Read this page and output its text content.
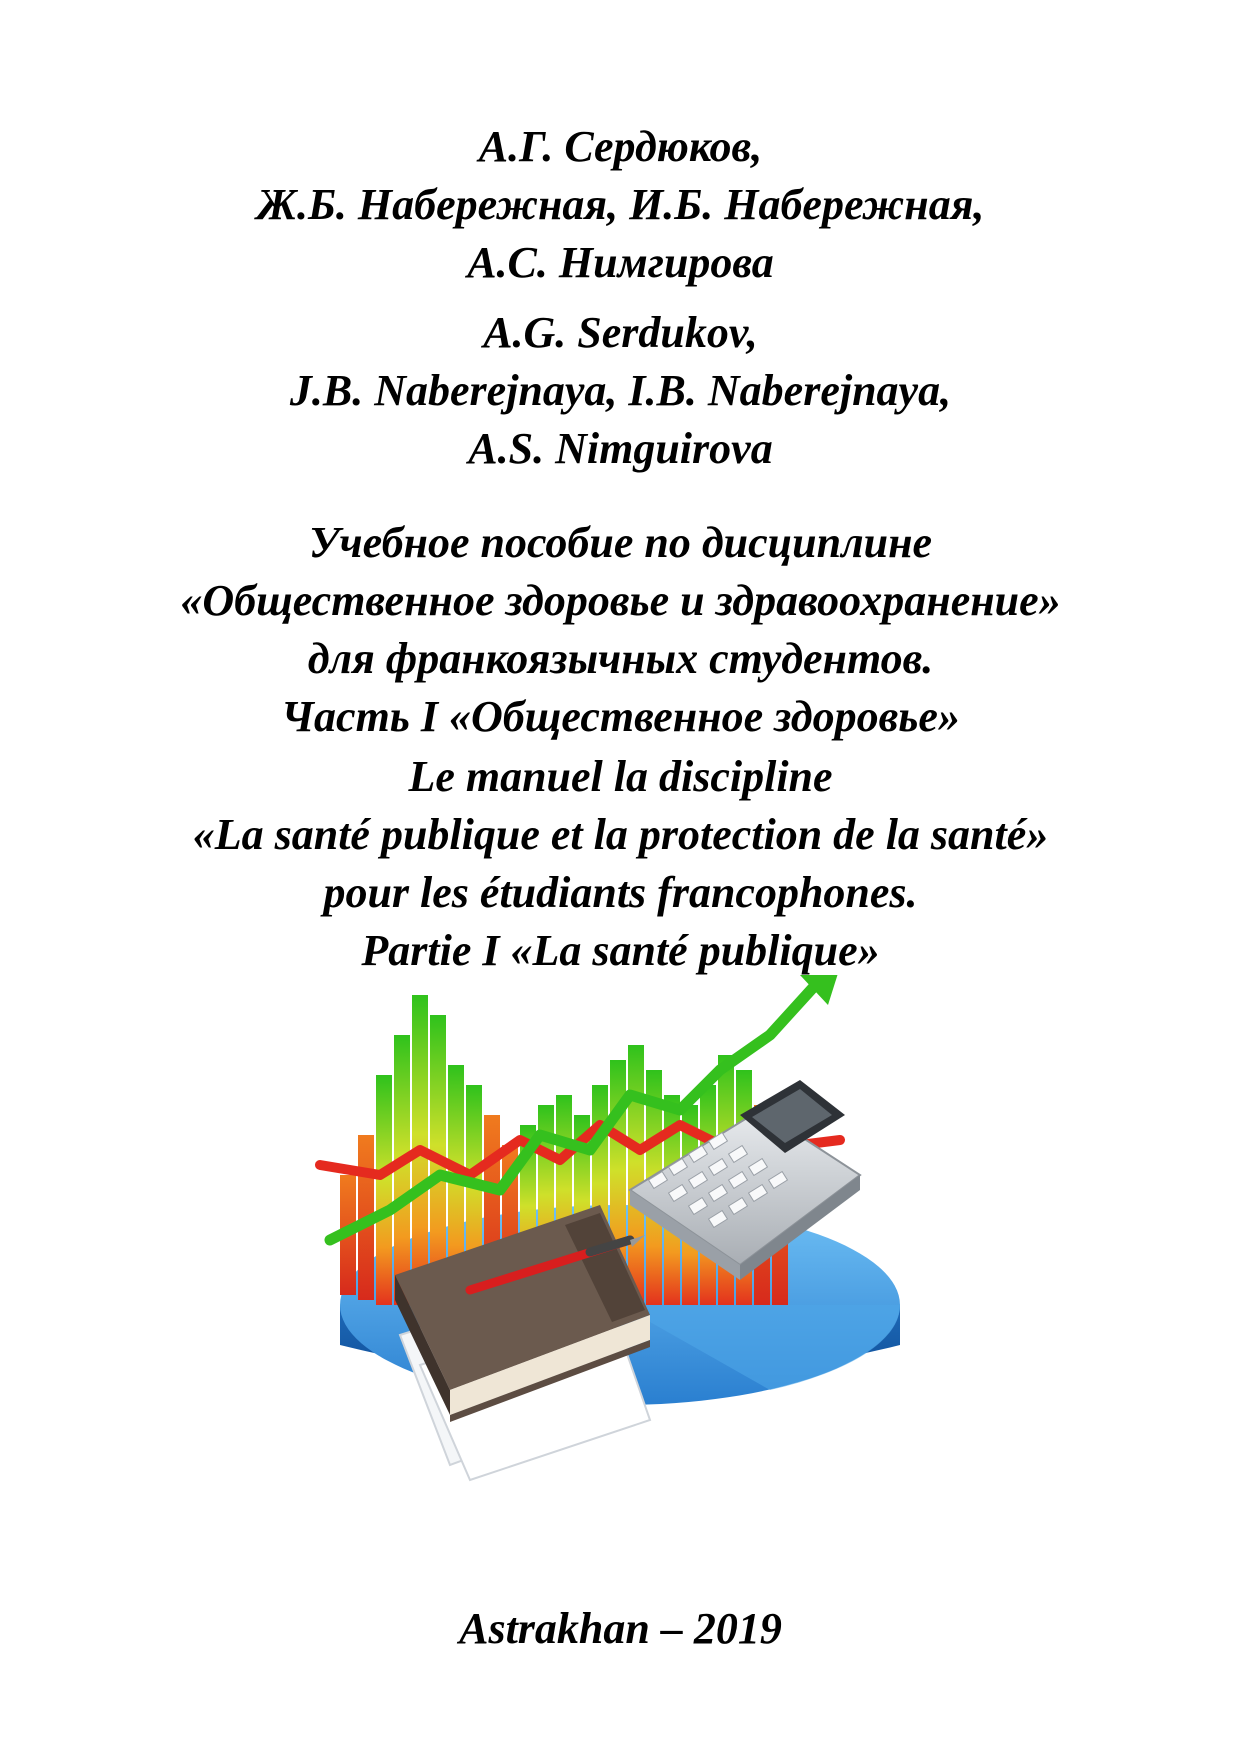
А.Г. Сердюков,
Ж.Б. Набережная, И.Б. Набережная,
А.С. Нимгирова
A.G. Serdukov,
J.B. Naberejnaya, I.B. Naberejnaya,
A.S. Nimguirova
Учебное пособие по дисциплине
«Общественное здоровье и здравоохранение»
для франкоязычных студентов.
Часть I «Общественное здоровье»
Le manuel la discipline
«La santé publique et la protection de la santé»
pour les étudiants francophones.
Partie I «La santé publique»
Astrakhan – 2019
